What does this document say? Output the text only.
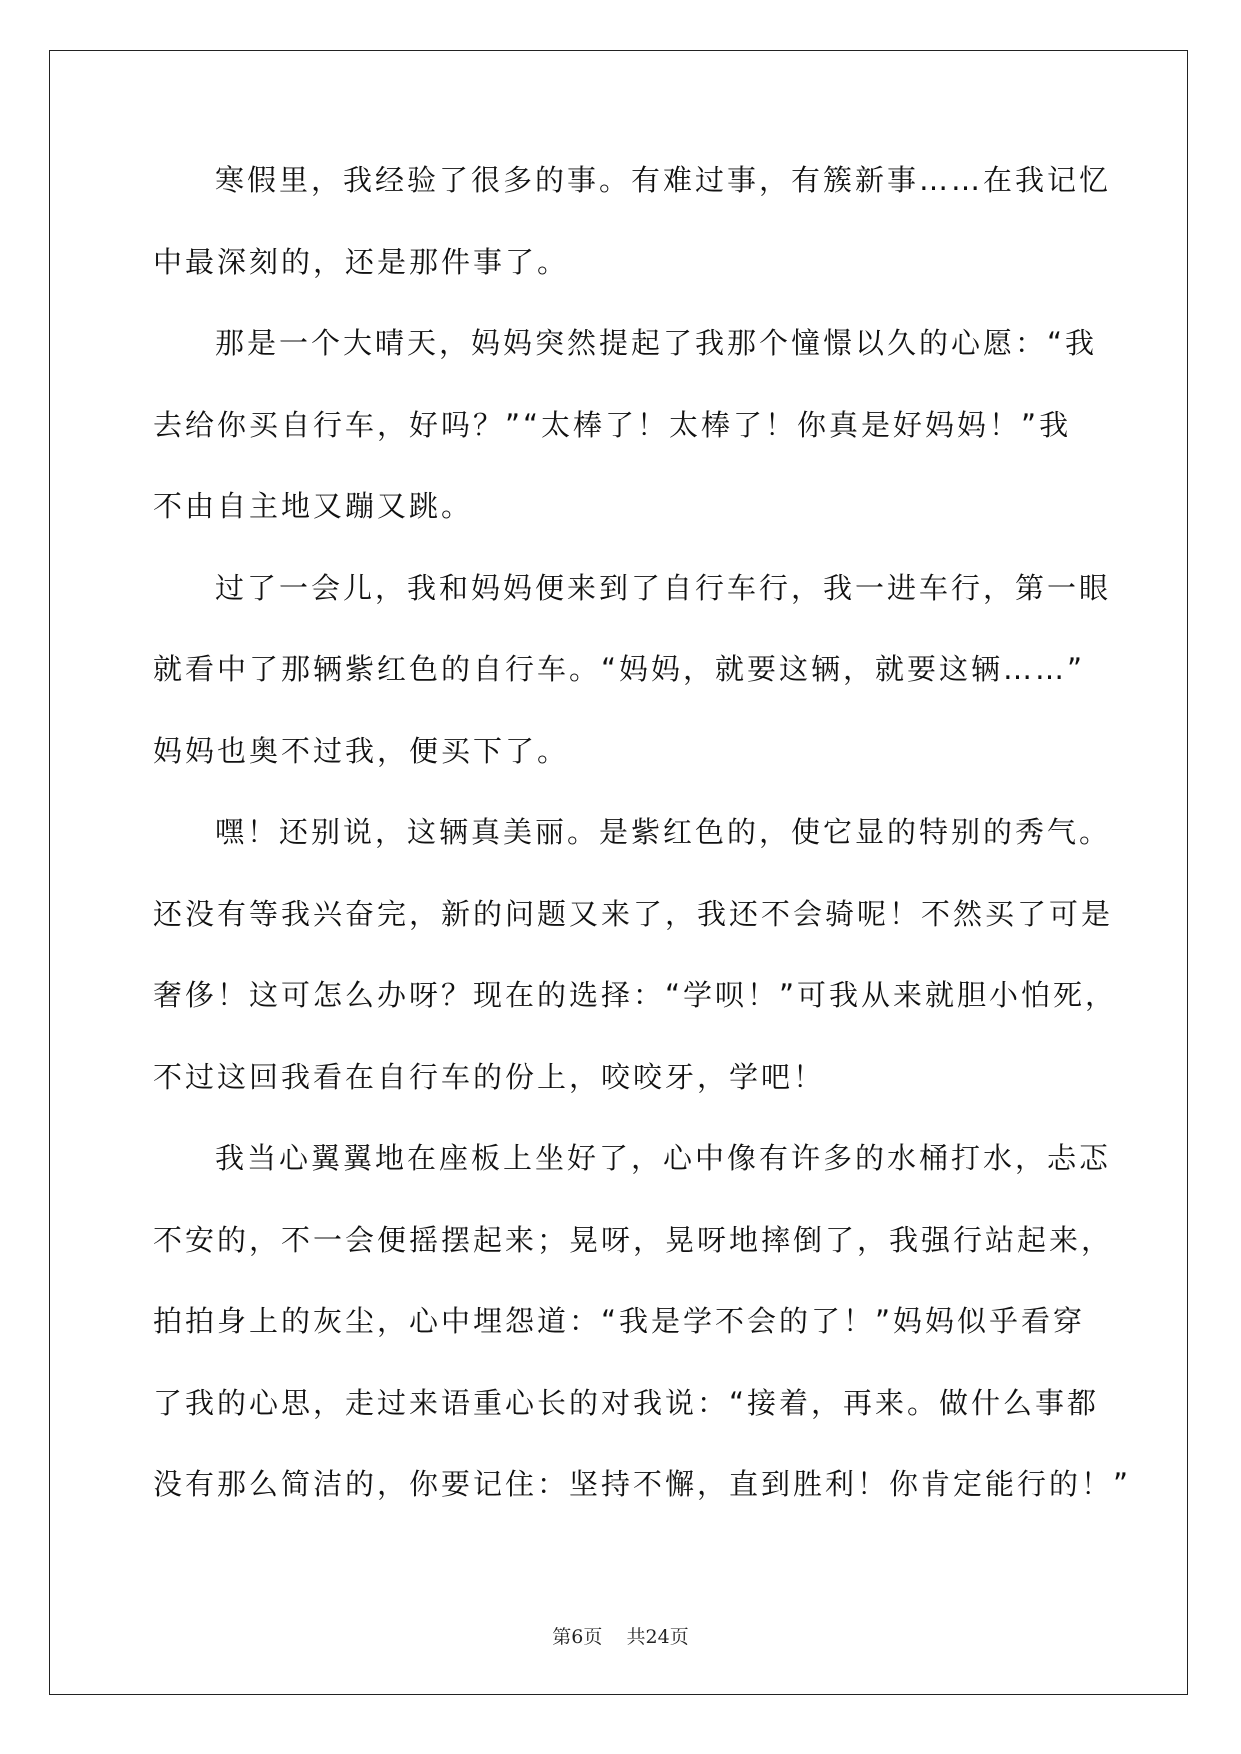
寒假里，我经验了很多的事。有难过事，有簇新事……在我记忆
中最深刻的，还是那件事了。
那是一个大晴天，妈妈突然提起了我那个憧憬以久的心愿：“我
去给你买自行车，好吗？”“太棒了！太棒了！你真是好妈妈！”我
不由自主地又蹦又跳。
过了一会儿，我和妈妈便来到了自行车行，我一进车行，第一眼
就看中了那辆紫红色的自行车。“妈妈，就要这辆，就要这辆……”
妈妈也奥不过我，便买下了。
嘿！还别说，这辆真美丽。是紫红色的，使它显的特别的秀气。
还没有等我兴奋完，新的问题又来了，我还不会骑呢！不然买了可是
奢侈！这可怎么办呀？现在的选择：“学呗！”可我从来就胆小怕死，
不过这回我看在自行车的份上，咬咬牙，学吧！
我当心翼翼地在座板上坐好了，心中像有许多的水桶打水，忐忑
不安的，不一会便摇摆起来；晃呀，晃呀地摔倒了，我强行站起来，
拍拍身上的灰尘，心中埋怨道：“我是学不会的了！”妈妈似乎看穿
了我的心思，走过来语重心长的对我说：“接着，再来。做什么事都
没有那么简洁的，你要记住：坚持不懈，直到胜利！你肯定能行的！”
第6页 共24页
